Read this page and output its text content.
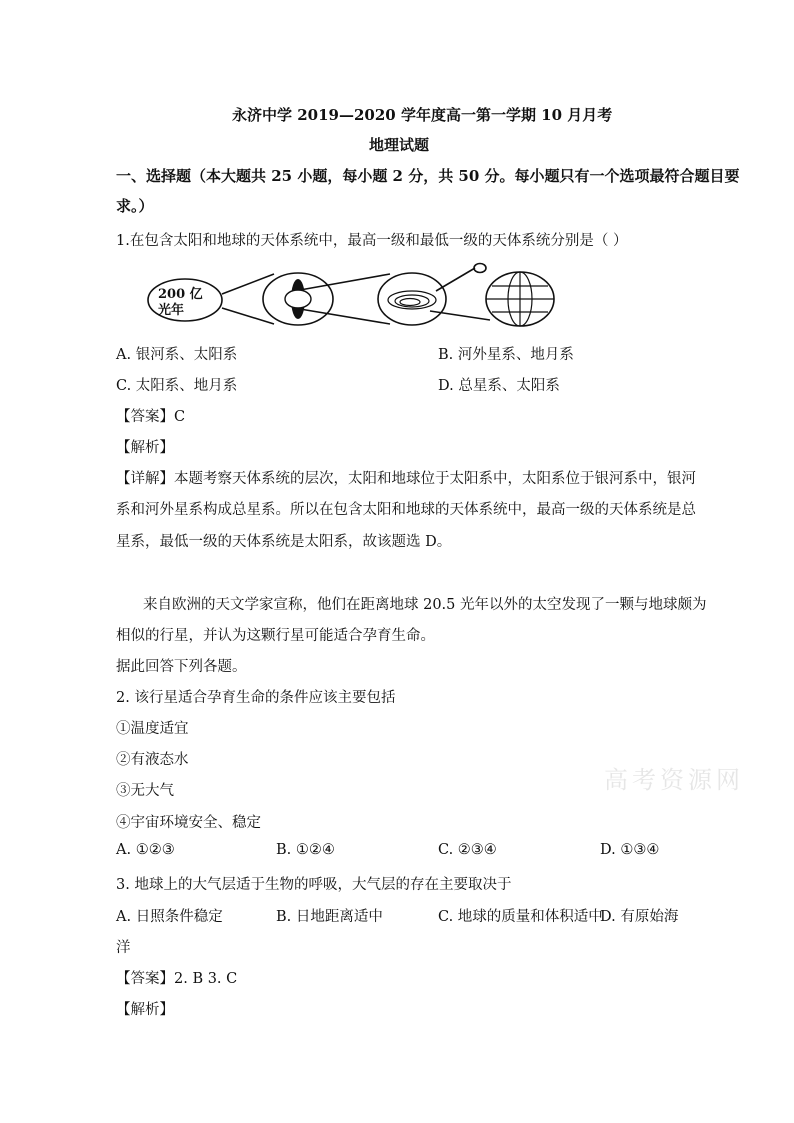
永济中学 2019—2020 学年度高一第一学期 10 月月考
地理试题
一、选择题（本大题共 25 小题，每小题 2 分，共 50 分。每小题只有一个选项最符合题目要
求。）
1.在包含太阳和地球的天体系统中，最高一级和最低一级的天体系统分别是（ ）
200 亿
光年
A. 银河系、太阳系	B. 河外星系、地月系
C. 太阳系、地月系	D. 总星系、太阳系
【答案】C
【解析】
【详解】本题考察天体系统的层次，太阳和地球位于太阳系中，太阳系位于银河系中，银河
系和河外星系构成总星系。所以在包含太阳和地球的天体系统中，最高一级的天体系统是总
星系，最低一级的天体系统是太阳系，故该题选 D。
来自欧洲的天文学家宣称，他们在距离地球 20.5 光年以外的太空发现了一颗与地球颇为
相似的行星，并认为这颗行星可能适合孕育生命。
据此回答下列各题。
2. 该行星适合孕育生命的条件应该主要包括
①温度适宜
②有液态水
③无大气
④宇宙环境安全、稳定
高考资源网
A. ①②③	B. ①②④	C. ②③④	D. ①③④
3. 地球上的大气层适于生物的呼吸，大气层的存在主要取决于
A. 日照条件稳定	B. 日地距离适中	C. 地球的质量和体积适中
D. 有原始海
洋
【答案】2. B 3. C
【解析】
